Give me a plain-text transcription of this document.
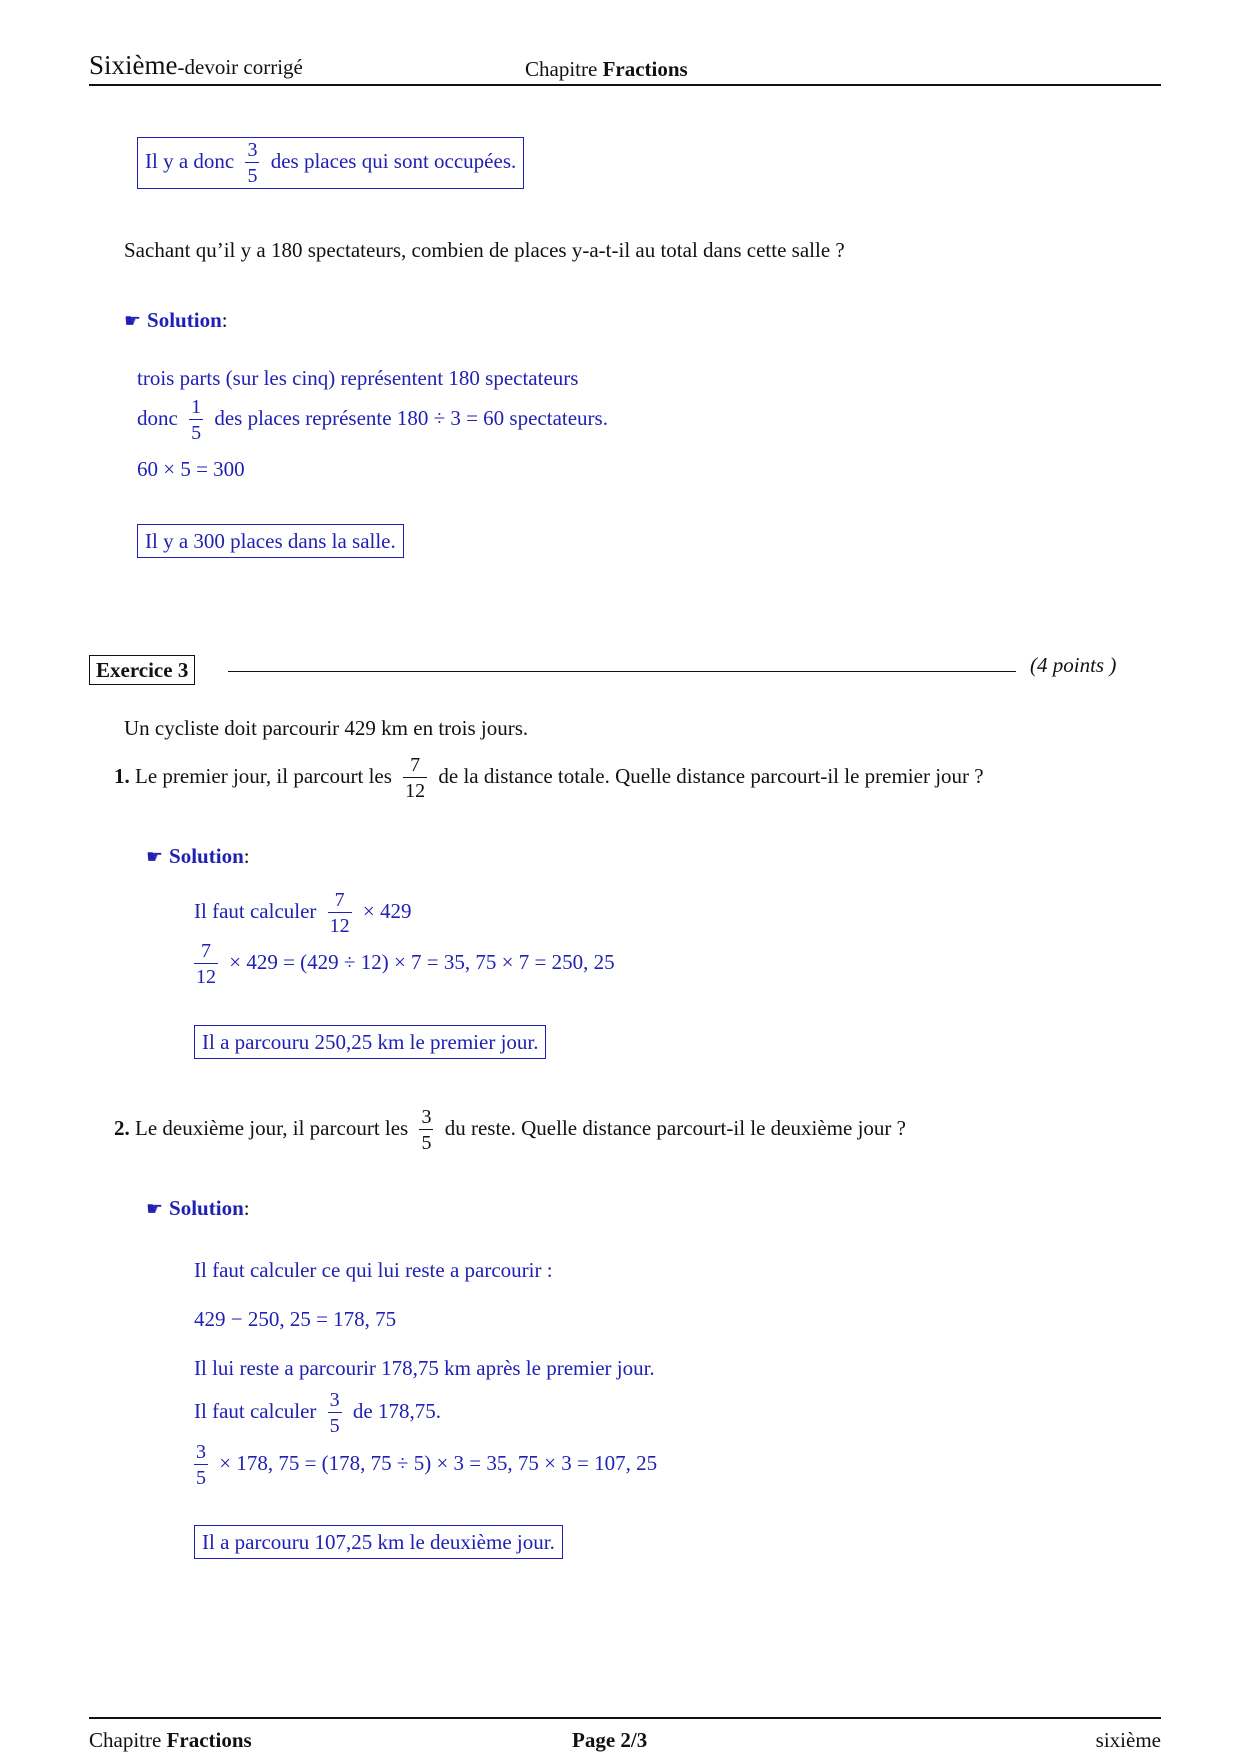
Sixième-devoir corrigé	Chapitre Fractions
Il y a donc $\frac{3}{5}$ des places qui sont occupées.
Sachant qu’il y a 180 spectateurs, combien de places y-a-t-il au total dans cette salle ?
☛ Solution:
trois parts (sur les cinq) représentent 180 spectateurs
donc $\frac{1}{5}$ des places représente 180 ÷ 3 = 60 spectateurs.
60 × 5 = 300
Il y a 300 places dans la salle.
Exercice 3	(4 points )
Un cycliste doit parcourir 429 km en trois jours.
1. Le premier jour, il parcourt les $\frac{7}{12}$ de la distance totale. Quelle distance parcourt-il le premier jour ?
☛ Solution:
Il faut calculer $\frac{7}{12} \times 429$
$\frac{7}{12} \times 429 = (429 \div 12) \times 7 = 35$, 75 × 7 = 250, 25
Il a parcouru 250,25 km le premier jour.
2. Le deuxième jour, il parcourt les $\frac{3}{5}$ du reste. Quelle distance parcourt-il le deuxième jour ?
☛ Solution:
Il faut calculer ce qui lui reste a parcourir :
429 − 250, 25 = 178, 75
Il lui reste a parcourir 178,75 km après le premier jour.
Il faut calculer $\frac{3}{5}$ de 178,75.
$\frac{3}{5} \times 178$, 75 = (178, 75 ÷ 5) × 3 = 35, 75 × 3 = 107, 25
Il a parcouru 107,25 km le deuxième jour.
Chapitre Fractions	Page 2/3	sixième
